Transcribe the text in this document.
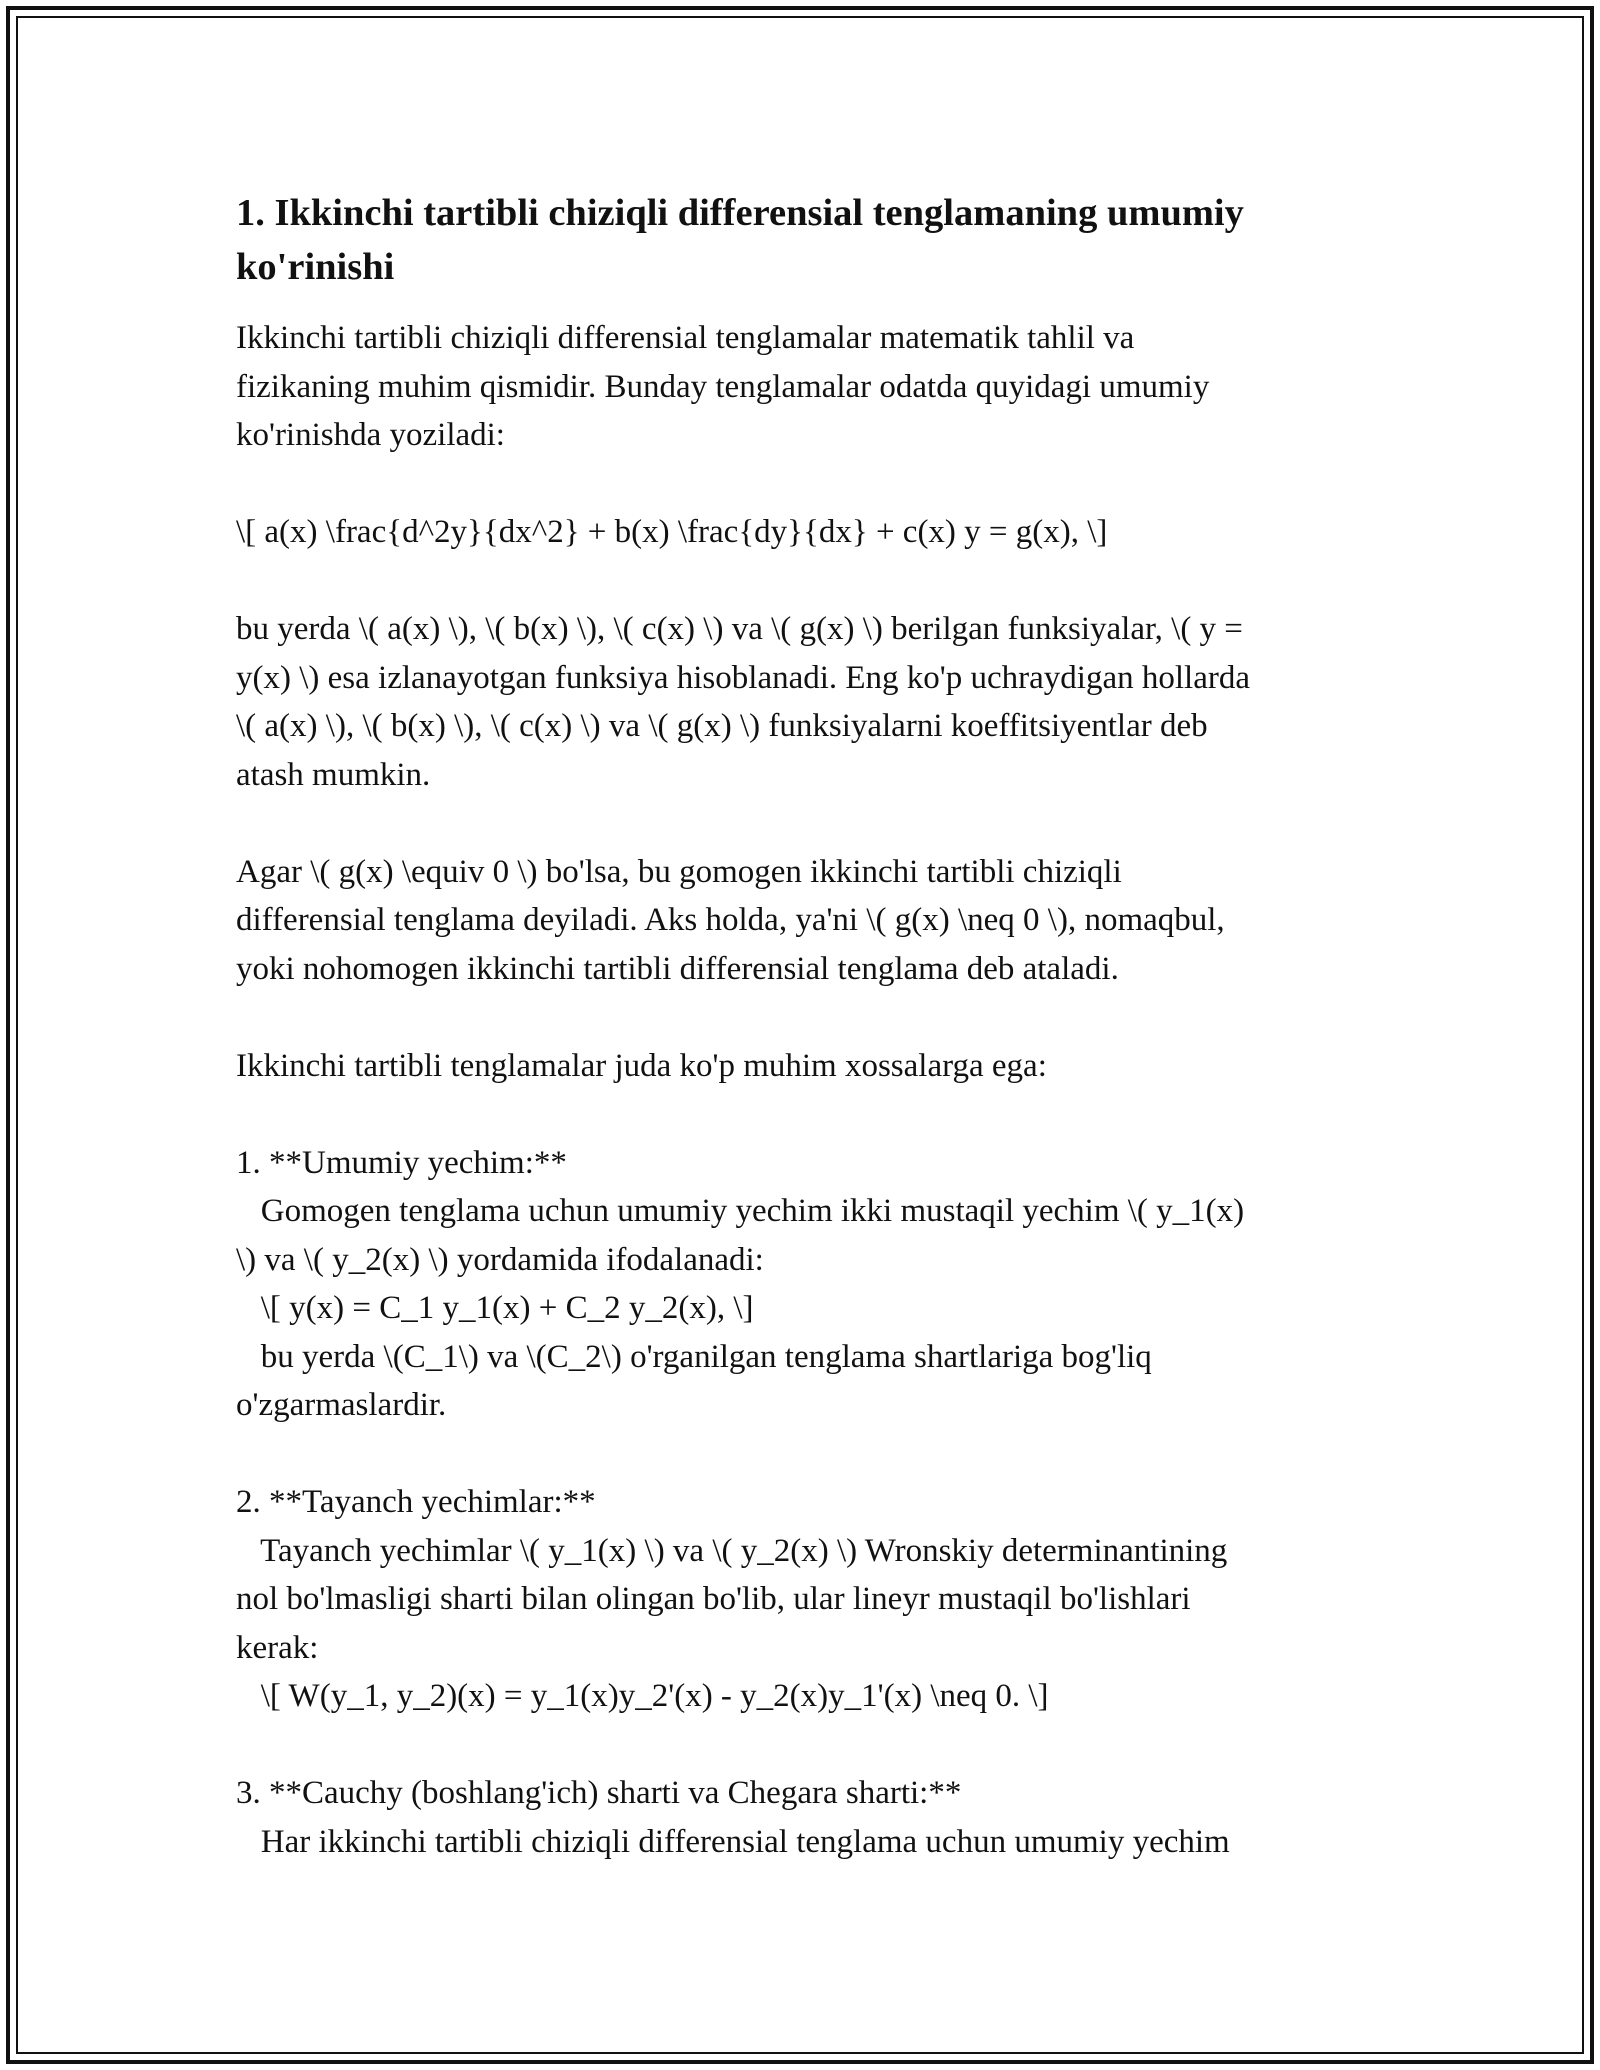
1. Ikkinchi tartibli chiziqli differensial tenglamaning umumiy
ko'rinishi
Ikkinchi tartibli chiziqli differensial tenglamalar matematik tahlil va
fizikaning muhim qismidir. Bunday tenglamalar odatda quyidagi umumiy
ko'rinishda yoziladi:
\[ a(x) \frac{d^2y}{dx^2} + b(x) \frac{dy}{dx} + c(x) y = g(x), \]
bu yerda \( a(x) \), \( b(x) \), \( c(x) \) va \( g(x) \) berilgan funksiyalar, \( y =
y(x) \) esa izlanayotgan funksiya hisoblanadi. Eng ko'p uchraydigan hollarda
\( a(x) \), \( b(x) \), \( c(x) \) va \( g(x) \) funksiyalarni koeffitsiyentlar deb
atash mumkin.
Agar \( g(x) \equiv 0 \) bo'lsa, bu gomogen ikkinchi tartibli chiziqli
differensial tenglama deyiladi. Aks holda, ya'ni \( g(x) \neq 0 \), nomaqbul,
yoki nohomogen ikkinchi tartibli differensial tenglama deb ataladi.
Ikkinchi tartibli tenglamalar juda ko'p muhim xossalarga ega:
1. **Umumiy yechim:**
Gomogen tenglama uchun umumiy yechim ikki mustaqil yechim \( y_1(x)
\) va \( y_2(x) \) yordamida ifodalanadi:
\[ y(x) = C_1 y_1(x) + C_2 y_2(x), \]
bu yerda \(C_1\) va \(C_2\) o'rganilgan tenglama shartlariga bog'liq
o'zgarmaslardir.
2. **Tayanch yechimlar:**
Tayanch yechimlar \( y_1(x) \) va \( y_2(x) \) Wronskiy determinantining
nol bo'lmasligi sharti bilan olingan bo'lib, ular lineyr mustaqil bo'lishlari
kerak:
\[ W(y_1, y_2)(x) = y_1(x)y_2'(x) - y_2(x)y_1'(x) \neq 0. \]
3. **Cauchy (boshlang'ich) sharti va Chegara sharti:**
Har ikkinchi tartibli chiziqli differensial tenglama uchun umumiy yechim
